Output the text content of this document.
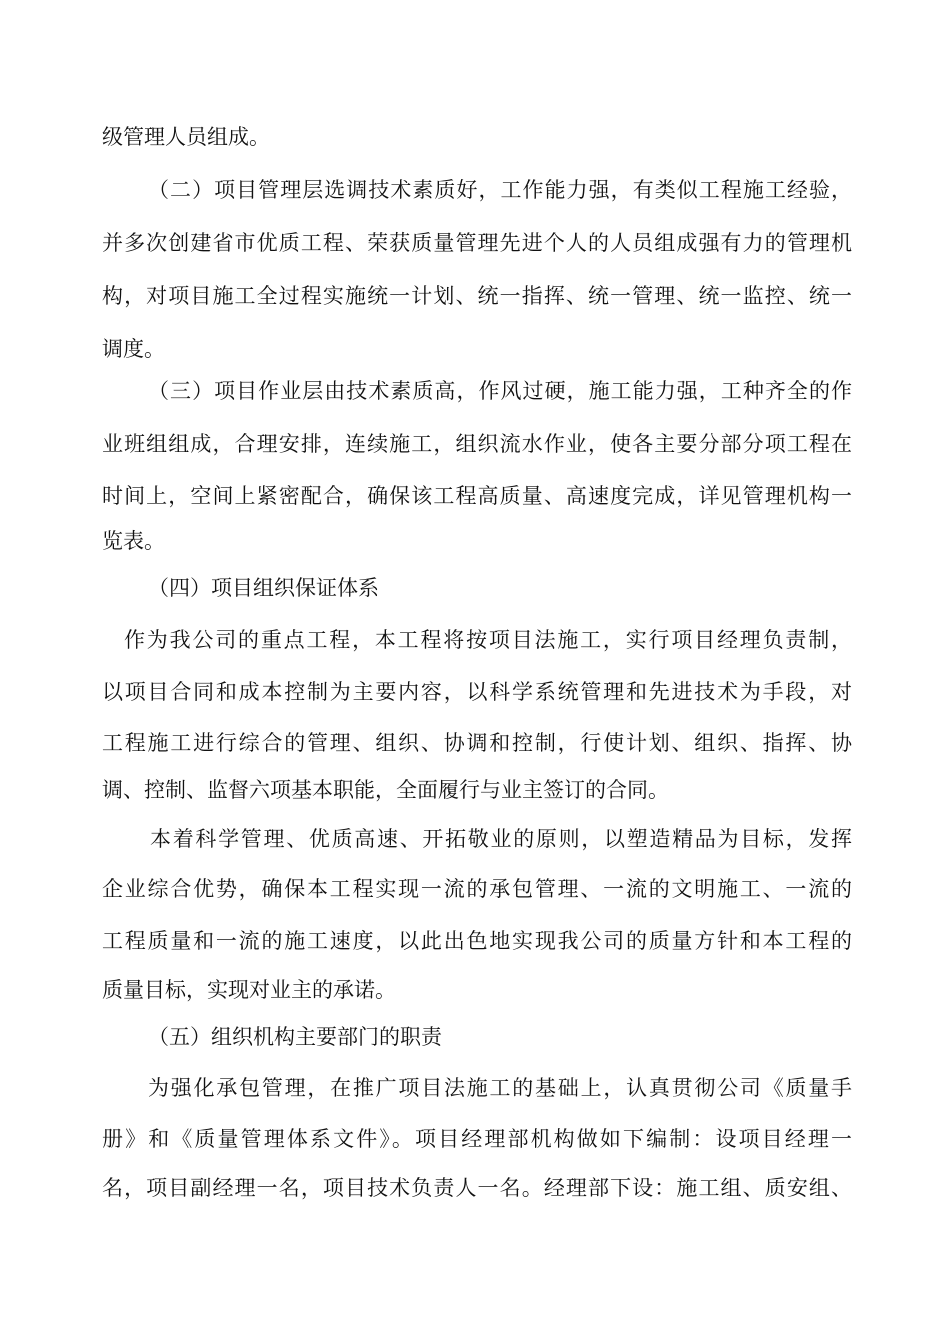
级管理人员组成。
（二）项目管理层选调技术素质好，工作能力强，有类似工程施工经验，
并多次创建省市优质工程、荣获质量管理先进个人的人员组成强有力的管理机
构，对项目施工全过程实施统一计划、统一指挥、统一管理、统一监控、统一
调度。
（三）项目作业层由技术素质高，作风过硬，施工能力强，工种齐全的作
业班组组成，合理安排，连续施工，组织流水作业，使各主要分部分项工程在
时间上，空间上紧密配合，确保该工程高质量、高速度完成，详见管理机构一
览表。
（四）项目组织保证体系
作为我公司的重点工程，本工程将按项目法施工，实行项目经理负责制，
以项目合同和成本控制为主要内容，以科学系统管理和先进技术为手段，对
工程施工进行综合的管理、组织、协调和控制，行使计划、组织、指挥、协
调、控制、监督六项基本职能，全面履行与业主签订的合同。
本着科学管理、优质高速、开拓敬业的原则，以塑造精品为目标，发挥
企业综合优势，确保本工程实现一流的承包管理、一流的文明施工、一流的
工程质量和一流的施工速度，以此出色地实现我公司的质量方针和本工程的
质量目标，实现对业主的承诺。
（五）组织机构主要部门的职责
为强化承包管理，在推广项目法施工的基础上，认真贯彻公司《质量手
册》和《质量管理体系文件》。项目经理部机构做如下编制：设项目经理一
名，项目副经理一名，项目技术负责人一名。经理部下设：施工组、质安组、
